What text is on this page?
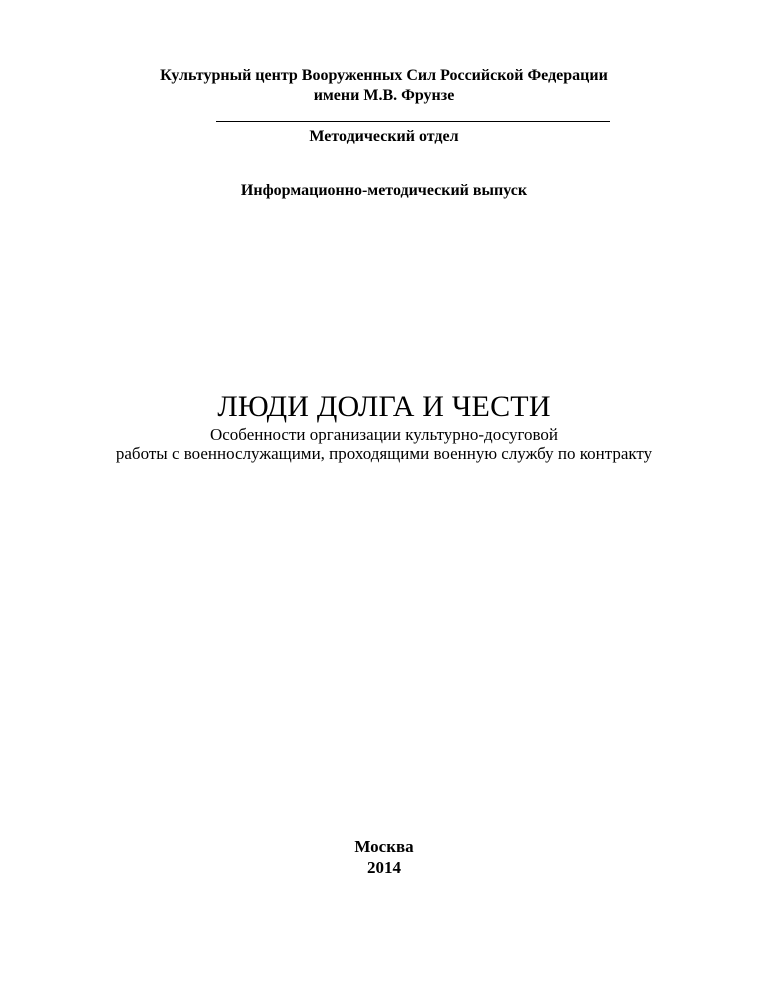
Культурный центр Вооруженных Сил Российской Федерации
имени М.В. Фрунзе
Методический отдел
Информационно-методический выпуск
ЛЮДИ ДОЛГА И ЧЕСТИ
Особенности организации культурно-досуговой
работы с военнослужащими, проходящими военную службу по контракту
Москва
2014
